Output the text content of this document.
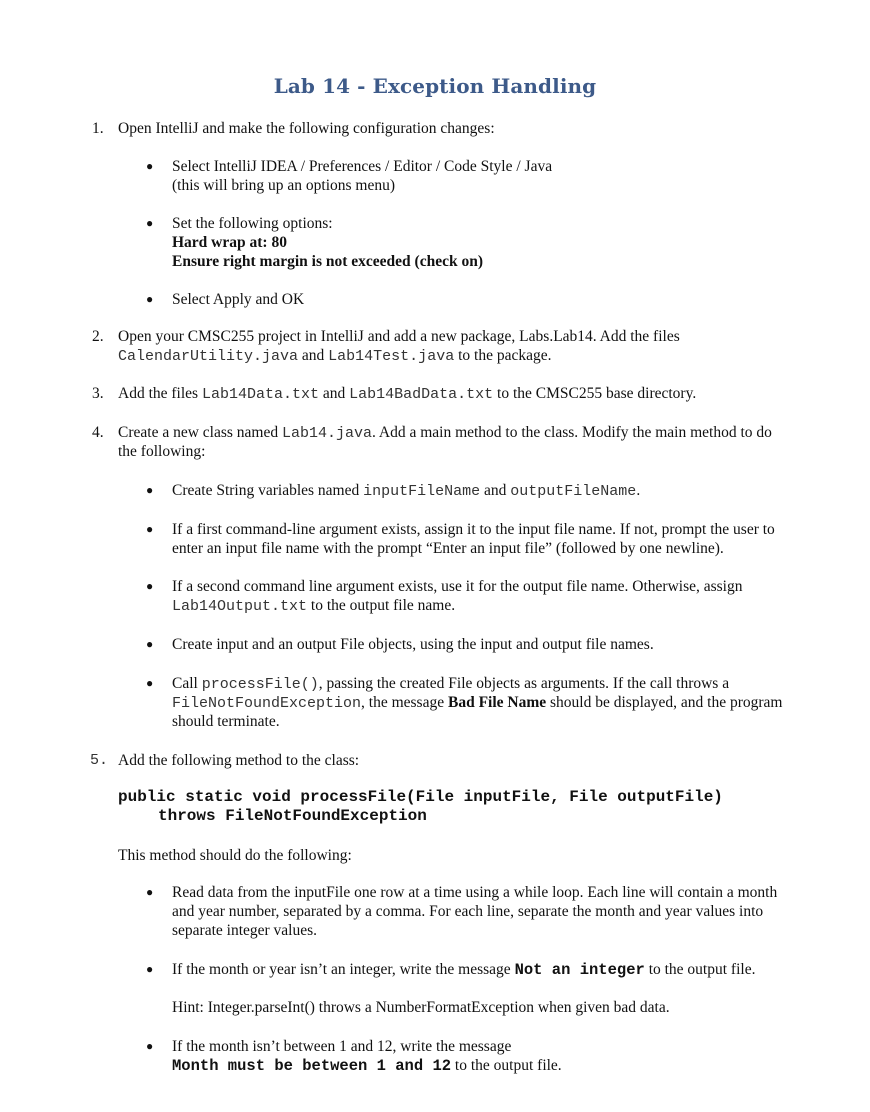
Lab 14 - Exception Handling
1. Open IntelliJ and make the following configuration changes:
● Select IntelliJ IDEA / Preferences / Editor / Code Style / Java
(this will bring up an options menu)
● Set the following options:
Hard wrap at: 80
Ensure right margin is not exceeded (check on)
● Select Apply and OK
2. Open your CMSC255 project in IntelliJ and add a new package, Labs.Lab14. Add the files
CalendarUtility.java and Lab14Test.java to the package.
3. Add the files Lab14Data.txt and Lab14BadData.txt to the CMSC255 base directory.
4. Create a new class named Lab14.java. Add a main method to the class. Modify the main method to do
the following:
● Create String variables named inputFileName and outputFileName.
● If a first command-line argument exists, assign it to the input file name. If not, prompt the user to
enter an input file name with the prompt “Enter an input file” (followed by one newline).
● If a second command line argument exists, use it for the output file name. Otherwise, assign
Lab14Output.txt to the output file name.
● Create input and an output File objects, using the input and output file names.
● Call processFile(), passing the created File objects as arguments. If the call throws a
FileNotFoundException, the message Bad File Name should be displayed, and the program
should terminate.
5. Add the following method to the class:
public static void processFile(File inputFile, File outputFile)
throws FileNotFoundException
This method should do the following:
● Read data from the inputFile one row at a time using a while loop. Each line will contain a month
and year number, separated by a comma. For each line, separate the month and year values into
separate integer values.
● If the month or year isn’t an integer, write the message Not an integer to the output file.
Hint: Integer.parseInt() throws a NumberFormatException when given bad data.
● If the month isn’t between 1 and 12, write the message
Month must be between 1 and 12 to the output file.
